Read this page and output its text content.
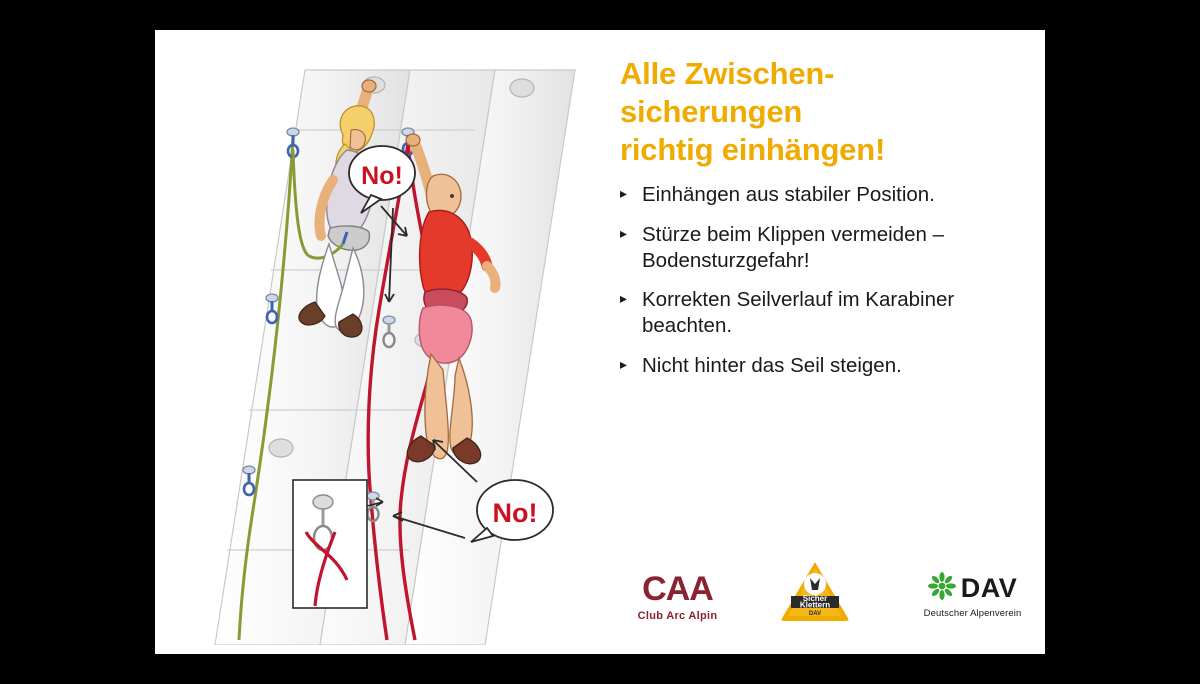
No!
No!
Alle Zwischen-
sicherungen
richtig einhängen!
▸ Einhängen aus stabiler Position.
▸ Stürze beim Klippen vermeiden – Bodensturzgefahr!
▸ Korrekten Seilverlauf im Karabiner beachten.
▸ Nicht hinter das Seil steigen.
CAA
Club Arc Alpin
Sicher
Klettern
DAV
DAV
Deutscher Alpenverein
